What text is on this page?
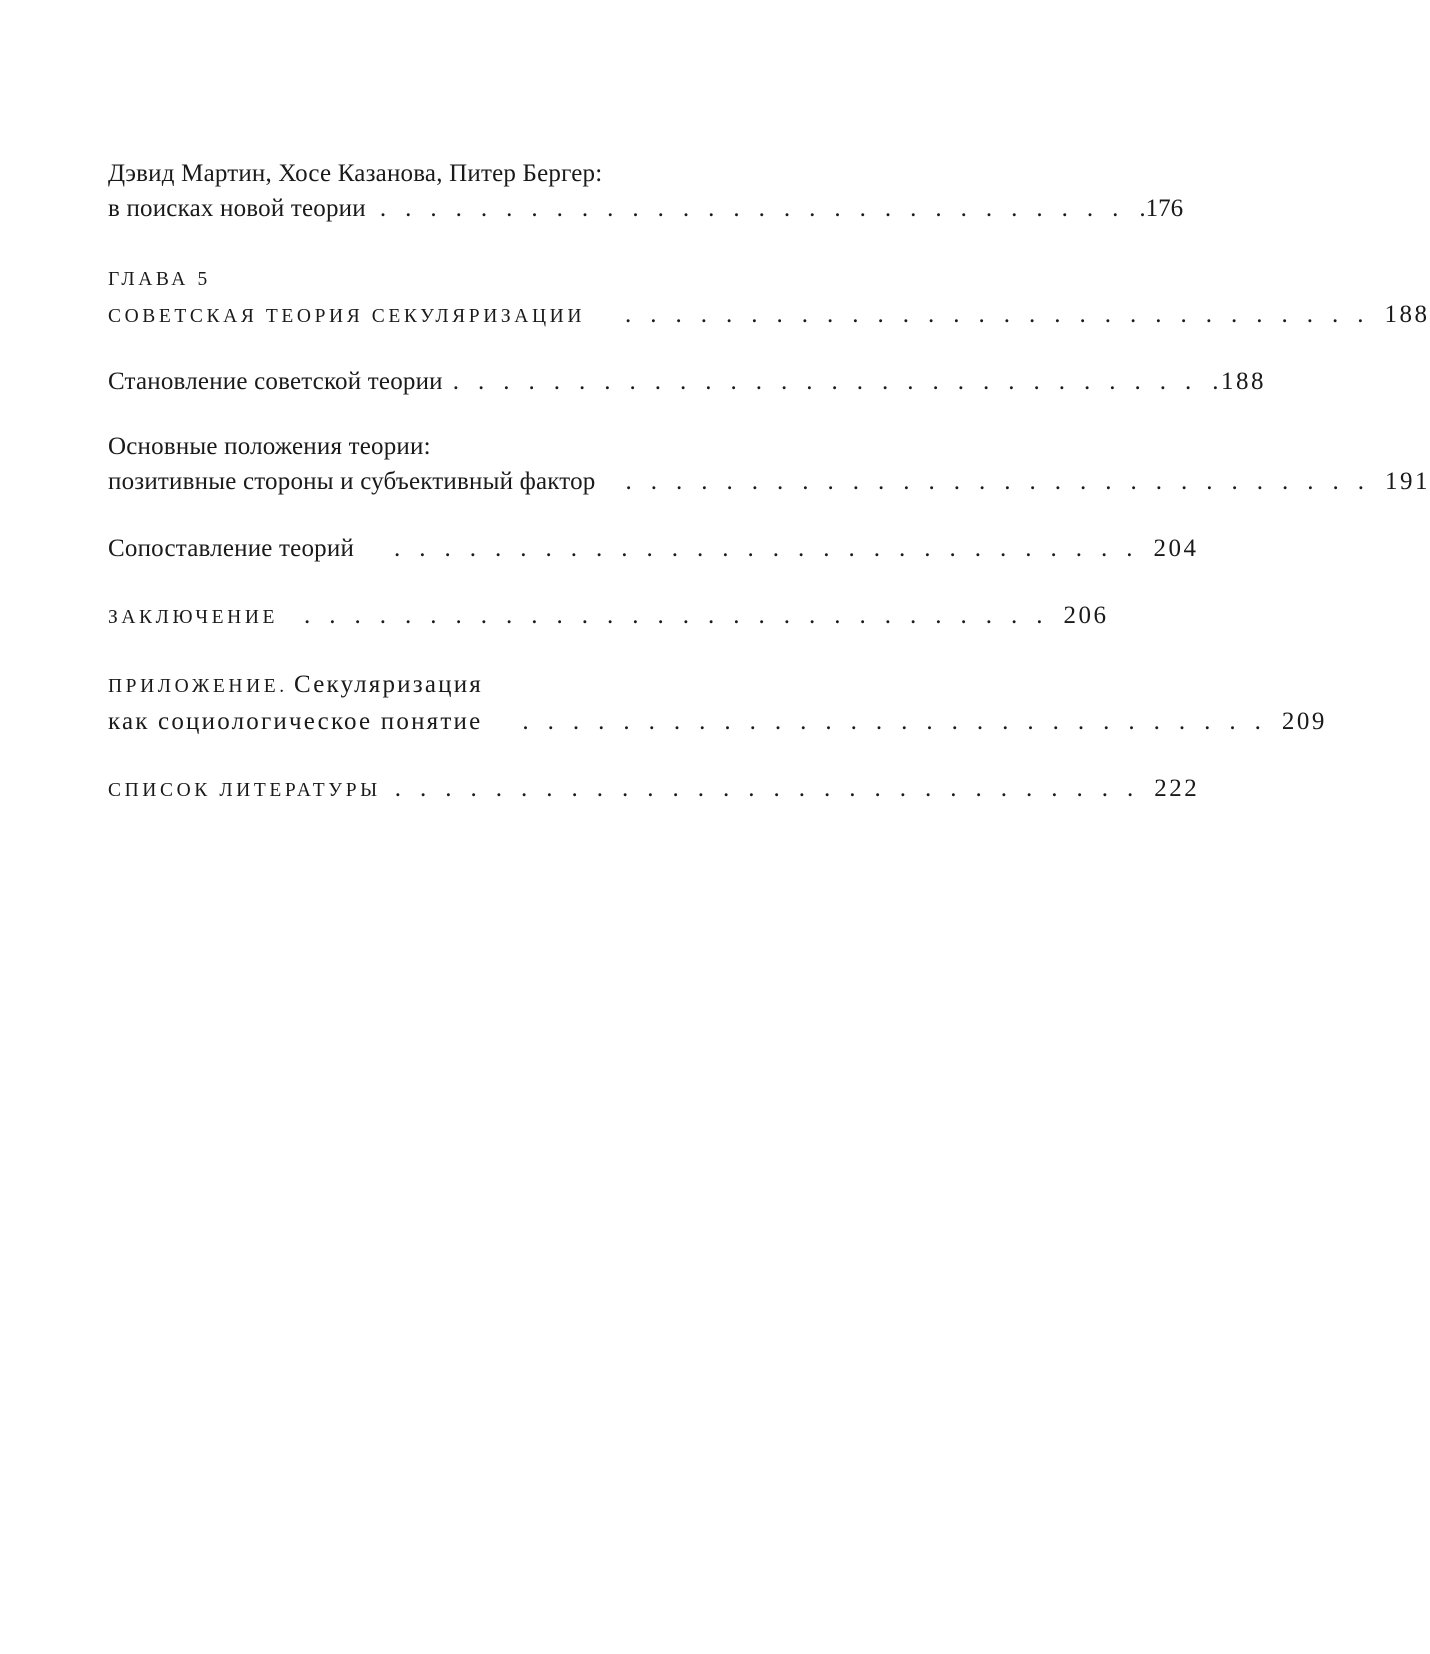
Дэвид Мартин, Хосе Казанова, Питер Бергер:
в поисках новой теории .............................. .176
ГЛАВА 5
СОВЕТСКАЯ ТЕОРИЯ СЕКУЛЯРИЗАЦИИ	.............................. 188
Становление советской теории .............................. .188
Основные положения теории:
позитивные стороны и субъективный фактор	.............................. 191
Сопоставление теорий	.............................. 204
ЗАКЛЮЧЕНИЕ	.............................. 206
ПРИЛОЖЕНИЕ. Секуляризация
как социологическое понятие	.............................. 209
СПИСОК ЛИТЕРАТУРЫ .............................. 222
